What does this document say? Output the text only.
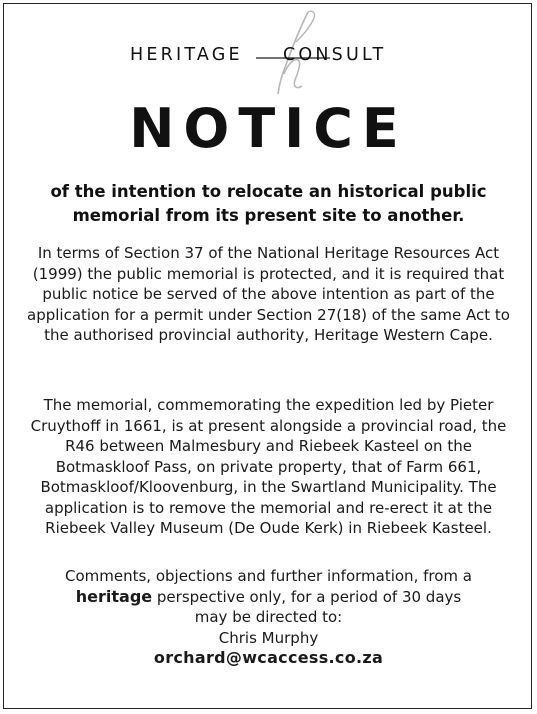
HERITAGE CONSULT
NOTICE

of the intention to relocate an historical public memorial from its present site to another.

In terms of Section 37 of the National Heritage Resources Act (1999) the public memorial is protected, and it is required that public notice be served of the above intention as part of the application for a permit under Section 27(18) of the same Act to the authorised provincial authority, Heritage Western Cape.

The memorial, commemorating the expedition led by Pieter Cruythoff in 1661, is at present alongside a provincial road, the R46 between Malmesbury and Riebeek Kasteel on the Botmaskloof Pass, on private property, that of Farm 661, Botmaskloof/Kloovenburg, in the Swartland Municipality. The application is to remove the memorial and re-erect it at the Riebeek Valley Museum (De Oude Kerk) in Riebeek Kasteel.

Comments, objections and further information, from a
heritage perspective only, for a period of 30 days
may be directed to:
Chris Murphy
orchard@wcaccess.co.za
